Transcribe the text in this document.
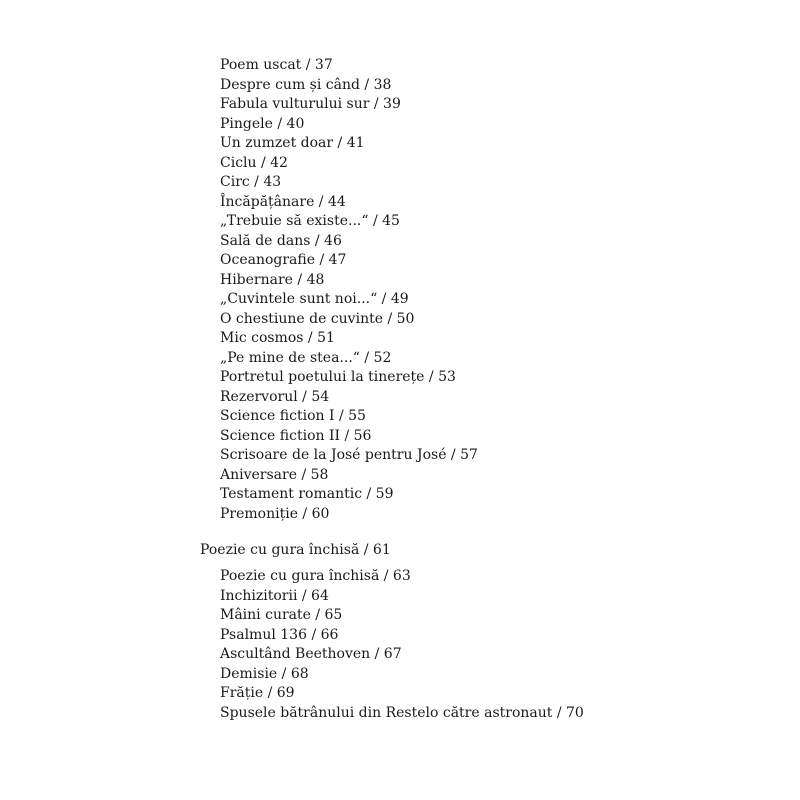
Poem uscat / 37
Despre cum și când / 38
Fabula vulturului sur / 39
Pingele / 40
Un zumzet doar / 41
Ciclu / 42
Circ / 43
Încăpățânare / 44
„Trebuie să existe...“ / 45
Sală de dans / 46
Oceanografie / 47
Hibernare / 48
„Cuvintele sunt noi...“ / 49
O chestiune de cuvinte / 50
Mic cosmos / 51
„Pe mine de stea...“ / 52
Portretul poetului la tinerețe / 53
Rezervorul / 54
Science fiction I / 55
Science fiction II / 56
Scrisoare de la José pentru José / 57
Aniversare / 58
Testament romantic / 59
Premoniție / 60
Poezie cu gura închisă / 61
Poezie cu gura închisă / 63
Inchizitorii / 64
Mâini curate / 65
Psalmul 136 / 66
Ascultând Beethoven / 67
Demisie / 68
Frăție / 69
Spusele bătrânului din Restelo către astronaut / 70
